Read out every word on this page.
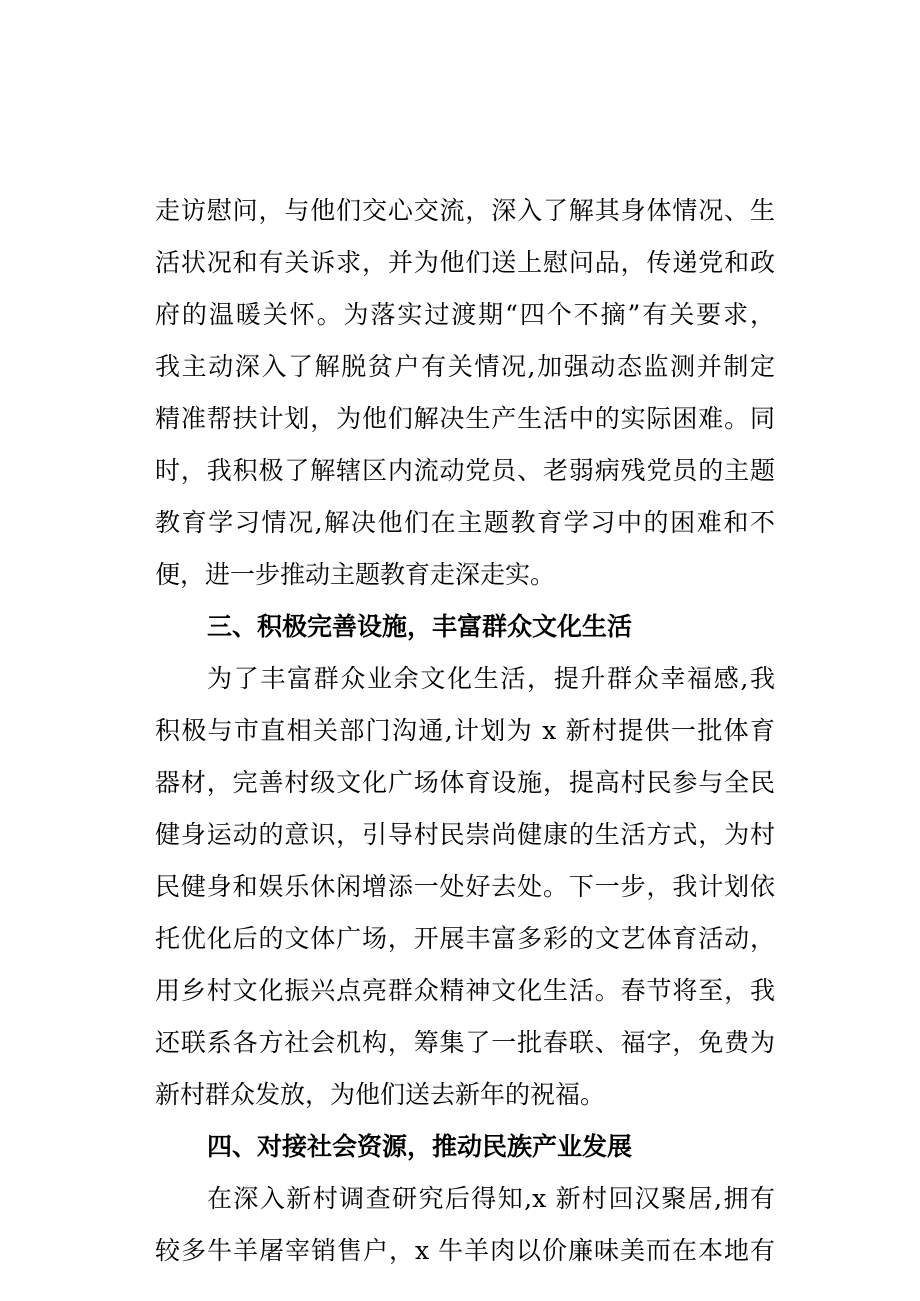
走访慰问，与他们交心交流，深入了解其身体情况、生
活状况和有关诉求，并为他们送上慰问品，传递党和政
府的温暖关怀。为落实过渡期“四个不摘”有关要求，
我主动深入了解脱贫户有关情况,加强动态监测并制定
精准帮扶计划，为他们解决生产生活中的实际困难。同
时，我积极了解辖区内流动党员、老弱病残党员的主题
教育学习情况,解决他们在主题教育学习中的困难和不
便，进一步推动主题教育走深走实。
三、积极完善设施，丰富群众文化生活
为了丰富群众业余文化生活，提升群众幸福感,我
积极与市直相关部门沟通,计划为 x 新村提供一批体育
器材，完善村级文化广场体育设施，提高村民参与全民
健身运动的意识，引导村民崇尚健康的生活方式，为村
民健身和娱乐休闲增添一处好去处。下一步，我计划依
托优化后的文体广场，开展丰富多彩的文艺体育活动，
用乡村文化振兴点亮群众精神文化生活。春节将至，我
还联系各方社会机构，筹集了一批春联、福字，免费为
新村群众发放，为他们送去新年的祝福。
四、对接社会资源，推动民族产业发展
在深入新村调查研究后得知,x 新村回汉聚居,拥有
较多牛羊屠宰销售户，x 牛羊肉以价廉味美而在本地有
